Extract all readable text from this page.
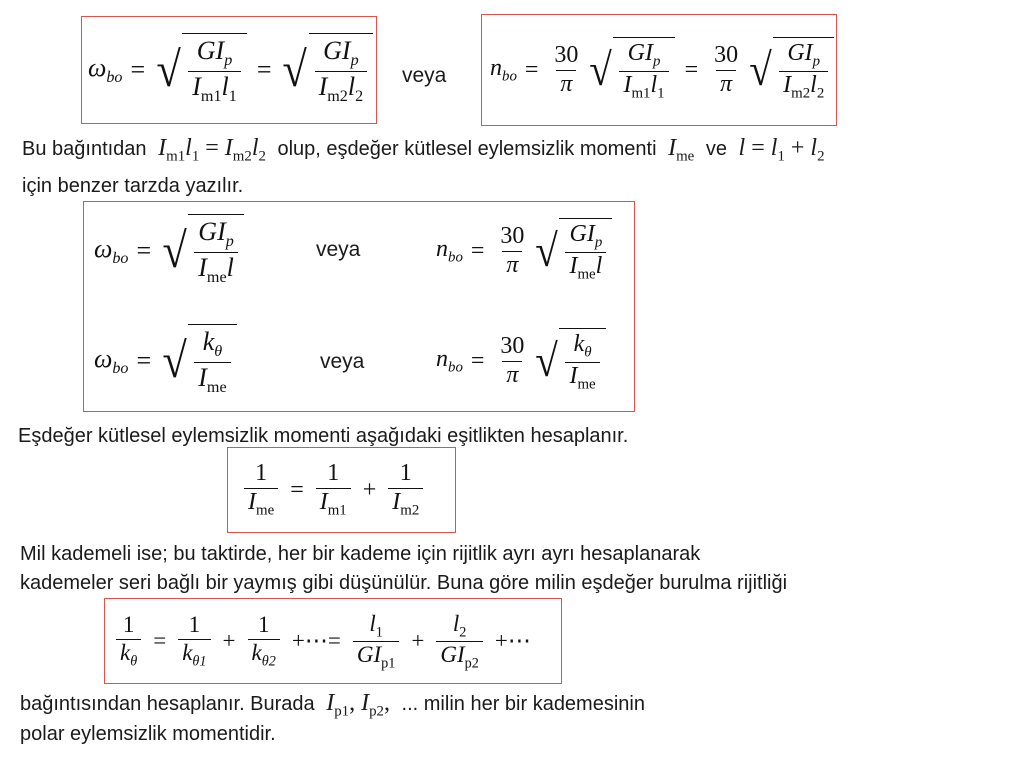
$\omega_{bo}$ = √ $\frac{GI_p}{I_{m1}l_1}$ = √ $\frac{GI_p}{I_{m2}l_2}$ veya $n_{bo} = \frac{30}{\pi}$ √ $\frac{GI_p}{I_{m1}l_1} = \frac{30}{\pi}$ √ $\frac{GI_p}{I_{m2}l_2}$
Bu bağıntıdan $I_{m1}l_1 = I_{m2}l_2$ olup, eşdeğer kütlesel eylemsizlik momenti $I_{me}$ ve $l = l_1 + l_2$
için benzer tarzda yazılır.
$\omega_{bo}$ = √ $\frac{GI_p}{I_{me}l}$	veya	$n_{bo} = \frac{30}{\pi}$ √ $\frac{GI_p}{I_{me}l}$
$\omega_{bo}$ = √ $\frac{k_\theta}{I_{me}}$	veya	$n_{bo} = \frac{30}{\pi}$ √ $\frac{k_\theta}{I_{me}}$
Eşdeğer kütlesel eylemsizlik momenti aşağıdaki eşitlikten hesaplanır.
$\frac{1}{I_{me}} = \frac{1}{I_{m1}} + \frac{1}{I_{m2}}$
Mil kademeli ise; bu taktirde, her bir kademe için rijitlik ayrı ayrı hesaplanarak
kademeler seri bağlı bir yaymış gibi düşünülür. Buna göre milin eşdeğer burulma rijitliği
$\frac{1}{k_\theta} = \frac{1}{k_{\theta 1}} + \frac{1}{k_{\theta 2}}$ +⋯= $\frac{l_1}{GI_{p1}} + \frac{l_2}{GI_{p2}}$ +⋯
bağıntısından hesaplanır. Burada $I_{p1}$, $I_{p2}$, ... milin her bir kademesinin
polar eylemsizlik momentidir.
